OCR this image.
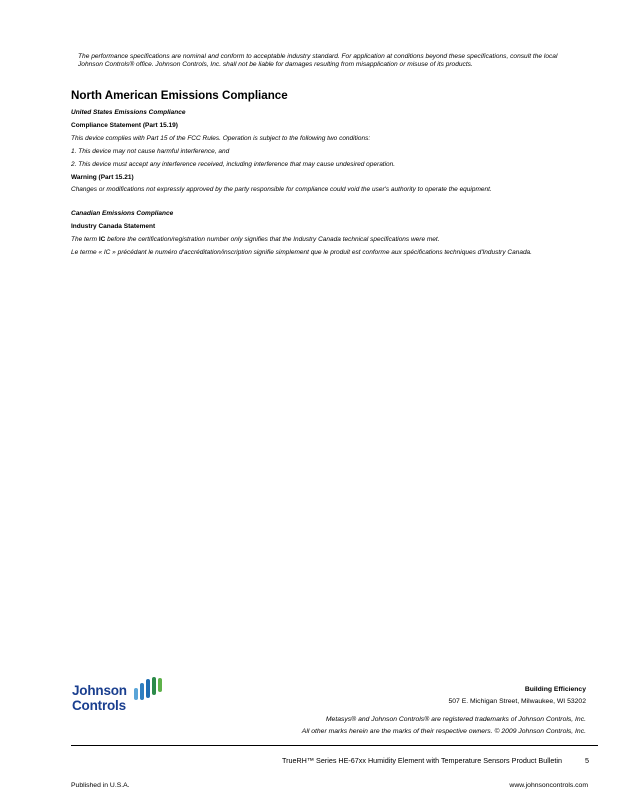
The performance specifications are nominal and conform to acceptable industry standard. For application at conditions beyond these specifications, consult the local Johnson Controls® office. Johnson Controls, Inc. shall not be liable for damages resulting from misapplication or misuse of its products.
North American Emissions Compliance
United States Emissions Compliance
Compliance Statement (Part 15.19)
This device complies with Part 15 of the FCC Rules. Operation is subject to the following two conditions:
1. This device may not cause harmful interference, and
2. This device must accept any interference received, including interference that may cause undesired operation.
Warning (Part 15.21)
Changes or modifications not expressly approved by the party responsible for compliance could void the user's authority to operate the equipment.
Canadian Emissions Compliance
Industry Canada Statement
The term IC before the certification/registration number only signifies that the Industry Canada technical specifications were met.
Le terme « IC » précédant le numéro d'accréditation/inscription signifie simplement que le produit est conforme aux spécifications techniques d'Industry Canada.
Johnson
Controls
Building Efficiency
507 E. Michigan Street, Milwaukee, WI 53202
Metasys® and Johnson Controls® are registered trademarks of Johnson Controls, Inc.
All other marks herein are the marks of their respective owners. © 2009 Johnson Controls, Inc.
TrueRH™ Series HE-67xx Humidity Element with Temperature Sensors Product Bulletin	5
Published in U.S.A.	www.johnsoncontrols.com
